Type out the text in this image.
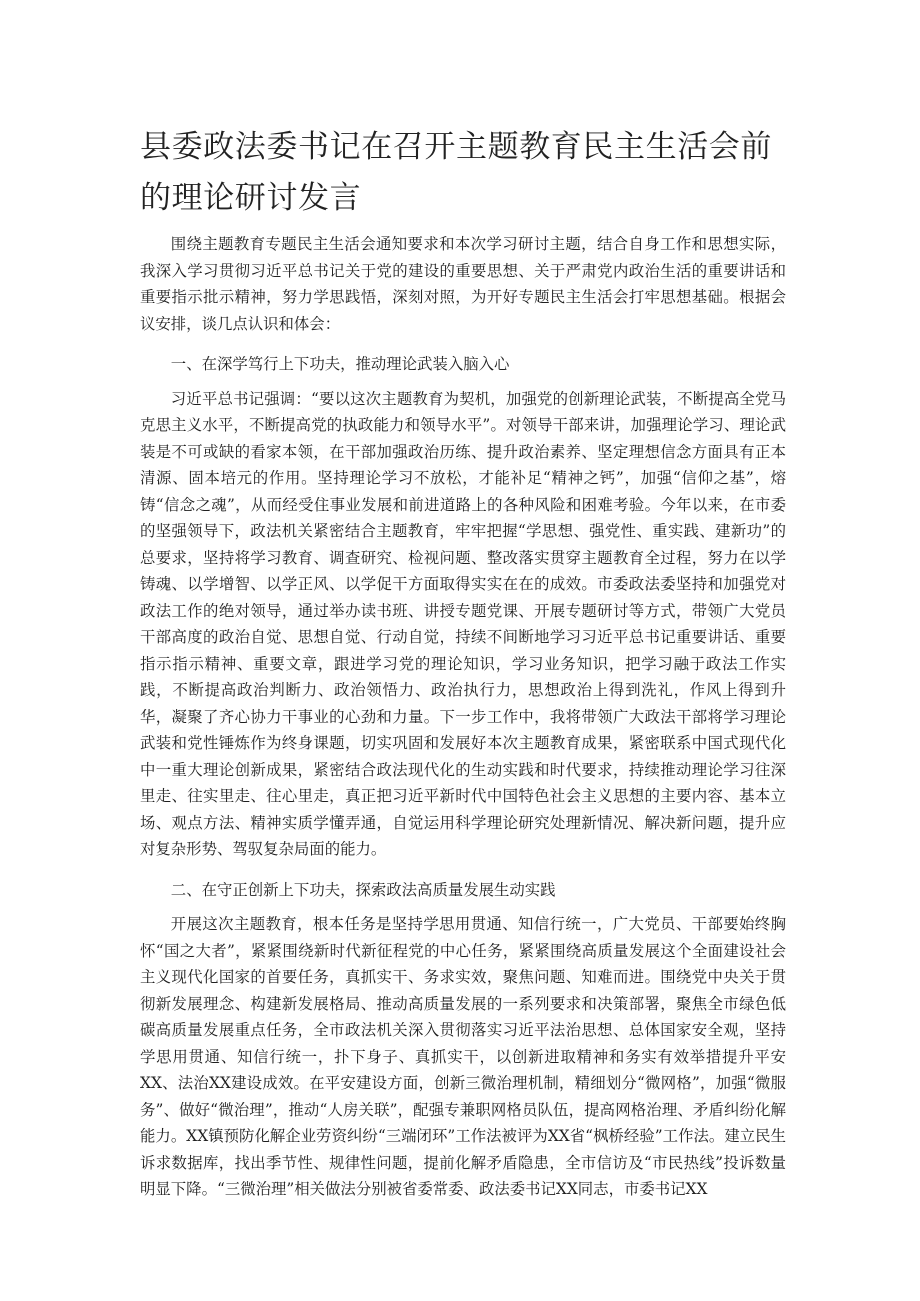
县委政法委书记在召开主题教育民主生活会前的理论研讨发言

围绕主题教育专题民主生活会通知要求和本次学习研讨主题，结合自身工作和思想实际，我深入学习贯彻习近平总书记关于党的建设的重要思想、关于严肃党内政治生活的重要讲话和重要指示批示精神，努力学思践悟，深刻对照，为开好专题民主生活会打牢思想基础。根据会议安排，谈几点认识和体会：

一、在深学笃行上下功夫，推动理论武装入脑入心

习近平总书记强调：“要以这次主题教育为契机，加强党的创新理论武装，不断提高全党马克思主义水平，不断提高党的执政能力和领导水平”。对领导干部来讲，加强理论学习、理论武装是不可或缺的看家本领，在干部加强政治历练、提升政治素养、坚定理想信念方面具有正本清源、固本培元的作用。坚持理论学习不放松，才能补足“精神之钙”，加强“信仰之基”，熔铸“信念之魂”，从而经受住事业发展和前进道路上的各种风险和困难考验。今年以来，在市委的坚强领导下，政法机关紧密结合主题教育，牢牢把握“学思想、强党性、重实践、建新功”的总要求，坚持将学习教育、调查研究、检视问题、整改落实贯穿主题教育全过程，努力在以学铸魂、以学增智、以学正风、以学促干方面取得实实在在的成效。市委政法委坚持和加强党对政法工作的绝对领导，通过举办读书班、讲授专题党课、开展专题研讨等方式，带领广大党员干部高度的政治自觉、思想自觉、行动自觉，持续不间断地学习习近平总书记重要讲话、重要指示指示精神、重要文章，跟进学习党的理论知识，学习业务知识，把学习融于政法工作实践，不断提高政治判断力、政治领悟力、政治执行力，思想政治上得到洗礼，作风上得到升华，凝聚了齐心协力干事业的心劲和力量。下一步工作中，我将带领广大政法干部将学习理论武装和党性锤炼作为终身课题，切实巩固和发展好本次主题教育成果，紧密联系中国式现代化中一重大理论创新成果，紧密结合政法现代化的生动实践和时代要求，持续推动理论学习往深里走、往实里走、往心里走，真正把习近平新时代中国特色社会主义思想的主要内容、基本立场、观点方法、精神实质学懂弄通，自觉运用科学理论研究处理新情况、解决新问题，提升应对复杂形势、驾驭复杂局面的能力。

二、在守正创新上下功夫，探索政法高质量发展生动实践

开展这次主题教育，根本任务是坚持学思用贯通、知信行统一，广大党员、干部要始终胸怀“国之大者”，紧紧围绕新时代新征程党的中心任务，紧紧围绕高质量发展这个全面建设社会主义现代化国家的首要任务，真抓实干、务求实效，聚焦问题、知难而进。围绕党中央关于贯彻新发展理念、构建新发展格局、推动高质量发展的一系列要求和决策部署，聚焦全市绿色低碳高质量发展重点任务，全市政法机关深入贯彻落实习近平法治思想、总体国家安全观，坚持学思用贯通、知信行统一，扑下身子、真抓实干，以创新进取精神和务实有效举措提升平安XX、法治XX建设成效。在平安建设方面，创新三微治理机制，精细划分“微网格”，加强“微服务”、做好“微治理”，推动“人房关联”，配强专兼职网格员队伍，提高网格治理、矛盾纠纷化解能力。XX镇预防化解企业劳资纠纷“三端闭环”工作法被评为XX省“枫桥经验”工作法。建立民生诉求数据库，找出季节性、规律性问题，提前化解矛盾隐患，全市信访及“市民热线”投诉数量明显下降。“三微治理”相关做法分别被省委常委、政法委书记XX同志，市委书记XX
